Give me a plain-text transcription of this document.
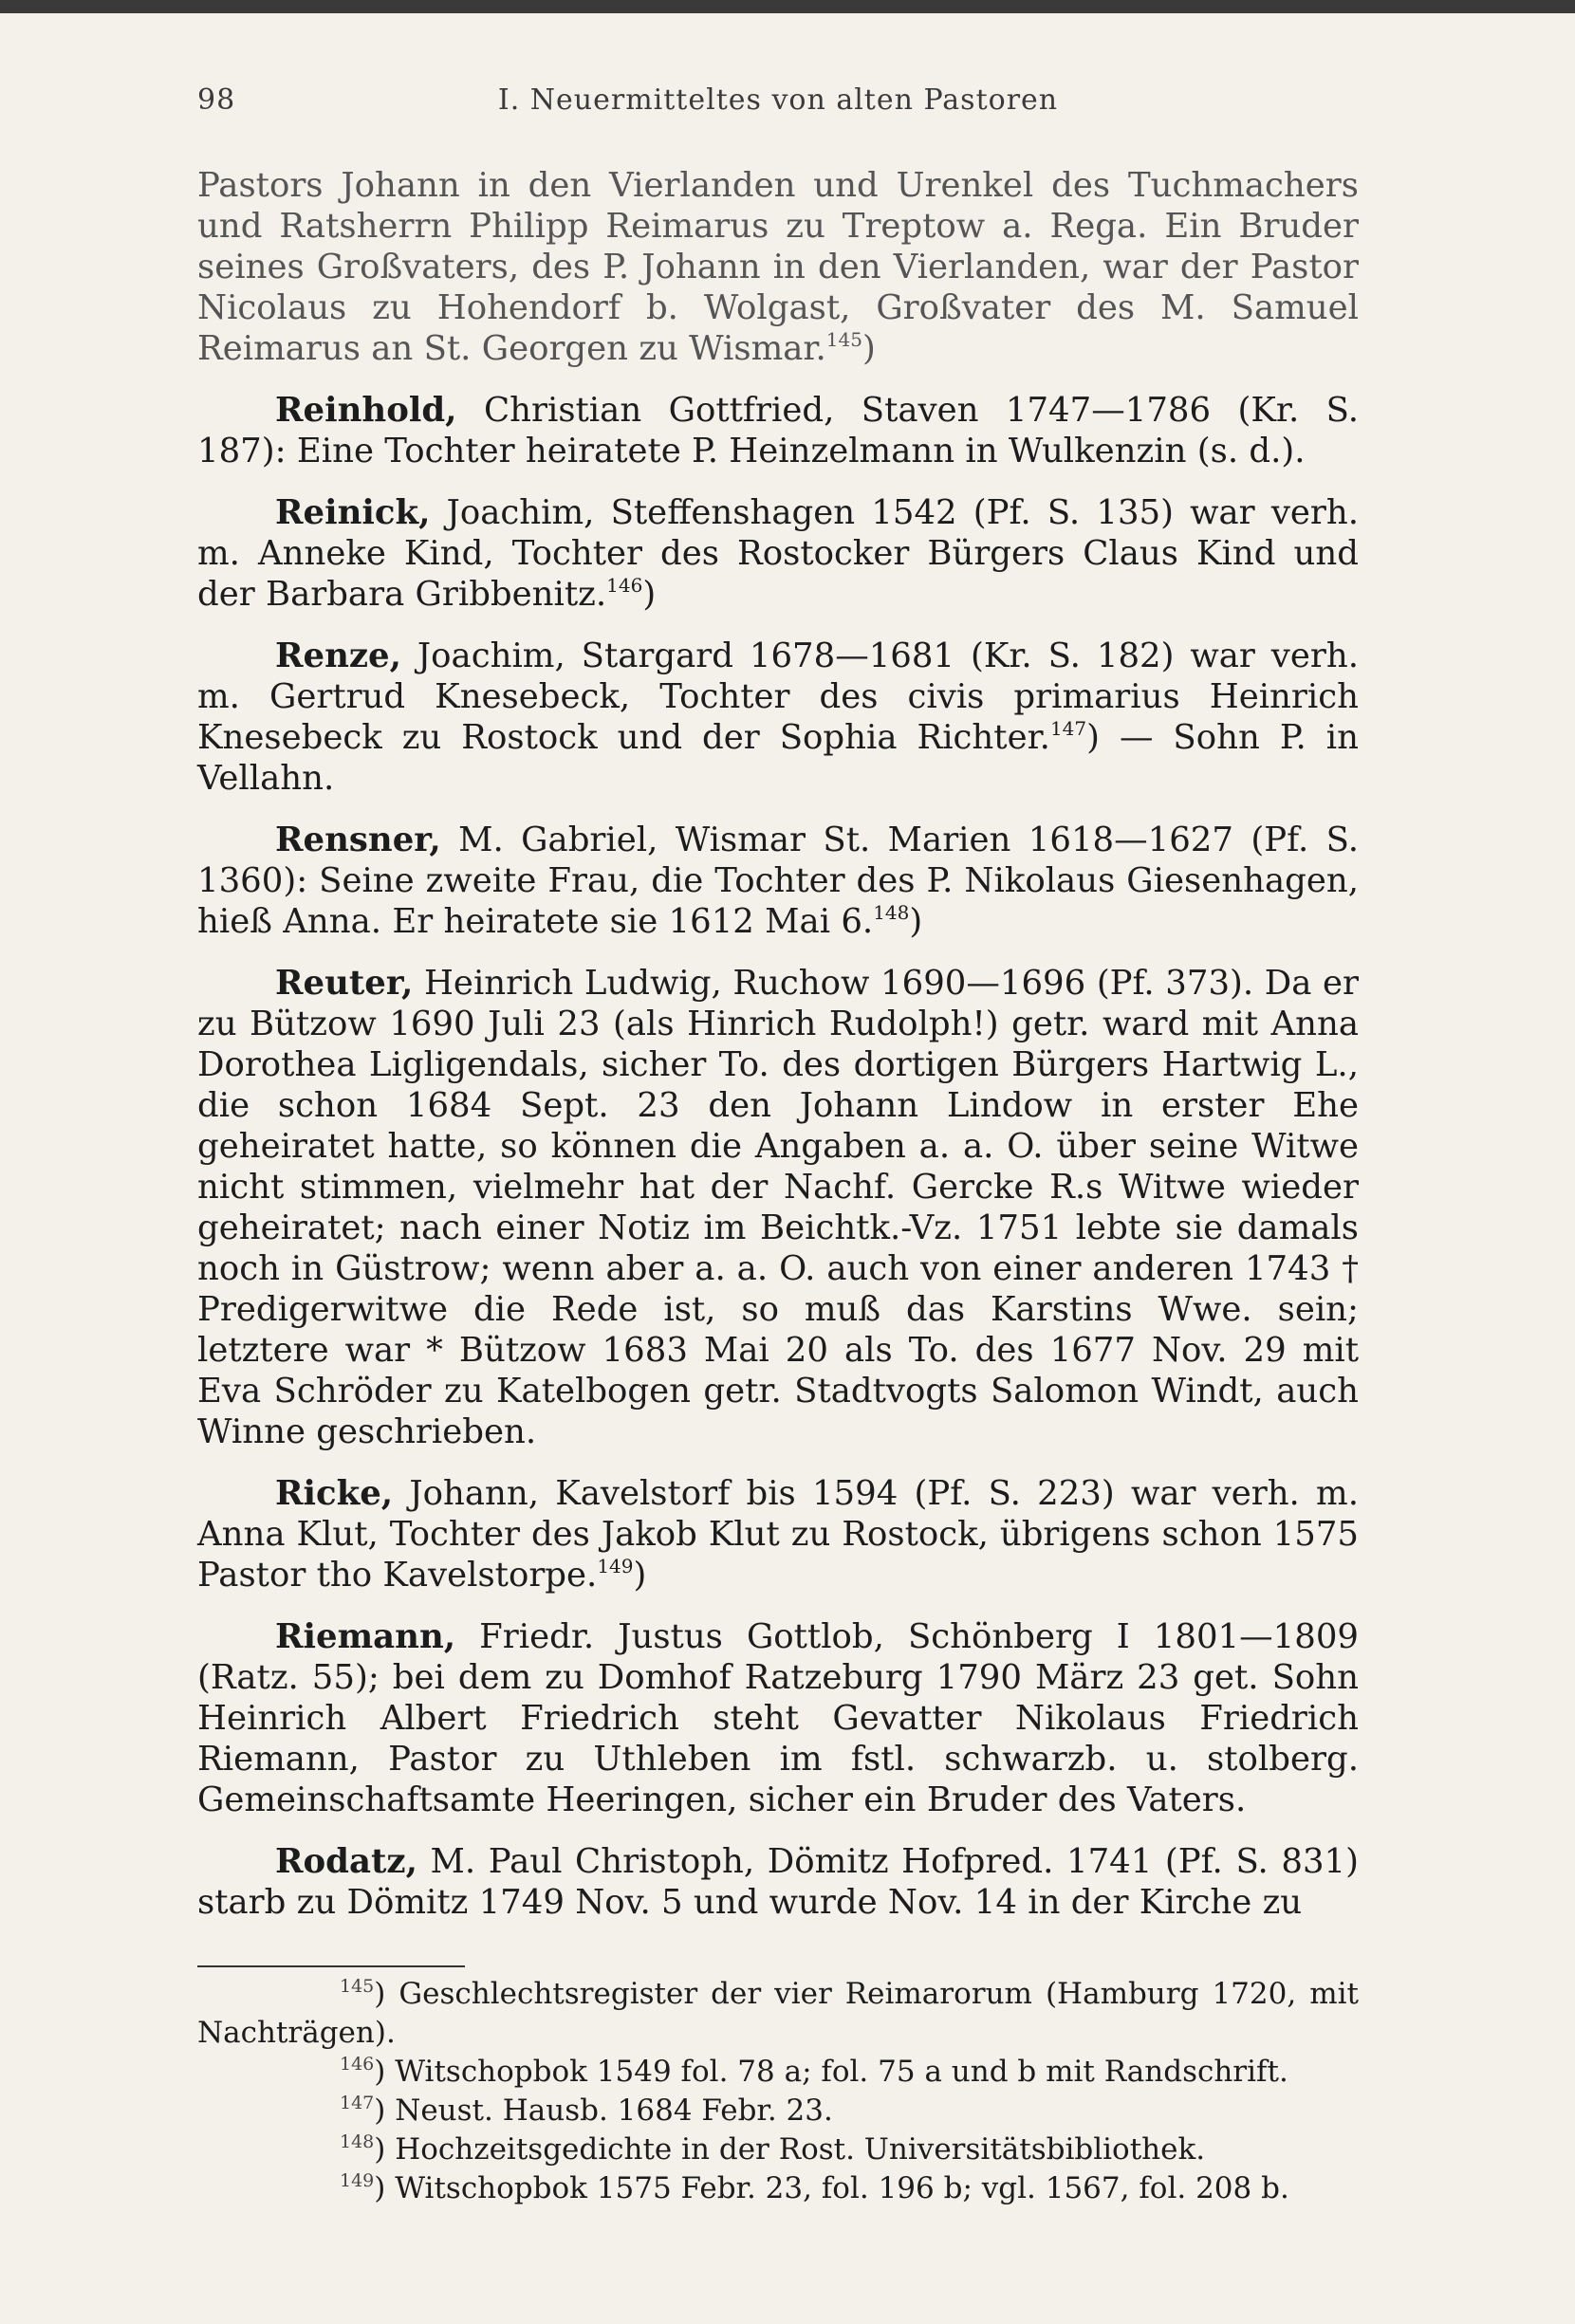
98	I. Neuermitteltes von alten Pastoren

Pastors Johann in den Vierlanden und Urenkel des Tuchmachers und Ratsherrn Philipp Reimarus zu Treptow a. Rega. Ein Bruder seines Großvaters, des P. Johann in den Vierlanden, war der Pastor Nicolaus zu Hohendorf b. Wolgast, Großvater des M. Samuel Reimarus an St. Georgen zu Wismar.$^{145}$)

Reinhold, Christian Gottfried, Staven 1747—1786 (Kr. S. 187): Eine Tochter heiratete P. Heinzelmann in Wulkenzin (s. d.).

Reinick, Joachim, Steffenshagen 1542 (Pf. S. 135) war verh. m. Anneke Kind, Tochter des Rostocker Bürgers Claus Kind und der Barbara Gribbenitz.$^{146}$)

Renze, Joachim, Stargard 1678—1681 (Kr. S. 182) war verh. m. Gertrud Knesebeck, Tochter des civis primarius Heinrich Knesebeck zu Rostock und der Sophia Richter.$^{147}$) — Sohn P. in Vellahn.

Rensner, M. Gabriel, Wismar St. Marien 1618—1627 (Pf. S. 1360): Seine zweite Frau, die Tochter des P. Nikolaus Giesenhagen, hieß Anna. Er heiratete sie 1612 Mai 6.$^{148}$)

Reuter, Heinrich Ludwig, Ruchow 1690—1696 (Pf. 373). Da er zu Bützow 1690 Juli 23 (als Hinrich Rudolph!) getr. ward mit Anna Dorothea Ligligendals, sicher To. des dortigen Bürgers Hartwig L., die schon 1684 Sept. 23 den Johann Lindow in erster Ehe geheiratet hatte, so können die Angaben a. a. O. über seine Witwe nicht stimmen, vielmehr hat der Nachf. Gercke R.s Witwe wieder geheiratet; nach einer Notiz im Beichtk.-Vz. 1751 lebte sie damals noch in Güstrow; wenn aber a. a. O. auch von einer anderen 1743 † Predigerwitwe die Rede ist, so muß das Karstins Wwe. sein; letztere war * Bützow 1683 Mai 20 als To. des 1677 Nov. 29 mit Eva Schröder zu Katelbogen getr. Stadtvogts Salomon Windt, auch Winne geschrieben.

Ricke, Johann, Kavelstorf bis 1594 (Pf. S. 223) war verh. m. Anna Klut, Tochter des Jakob Klut zu Rostock, übrigens schon 1575 Pastor tho Kavelstorpe.$^{149}$)

Riemann, Friedr. Justus Gottlob, Schönberg I 1801—1809 (Ratz. 55); bei dem zu Domhof Ratzeburg 1790 März 23 get. Sohn Heinrich Albert Friedrich steht Gevatter Nikolaus Friedrich Riemann, Pastor zu Uthleben im fstl. schwarzb. u. stolberg. Gemeinschaftsamte Heeringen, sicher ein Bruder des Vaters.

Rodatz, M. Paul Christoph, Dömitz Hofpred. 1741 (Pf. S. 831) starb zu Dömitz 1749 Nov. 5 und wurde Nov. 14 in der Kirche zu

$^{145}$) Geschlechtsregister der vier Reimarorum (Hamburg 1720, mit Nachträgen).
$^{146}$) Witschopbok 1549 fol. 78 a; fol. 75 a und b mit Randschrift.
$^{147}$) Neust. Hausb. 1684 Febr. 23.
$^{148}$) Hochzeitsgedichte in der Rost. Universitätsbibliothek.
$^{149}$) Witschopbok 1575 Febr. 23, fol. 196 b; vgl. 1567, fol. 208 b.
